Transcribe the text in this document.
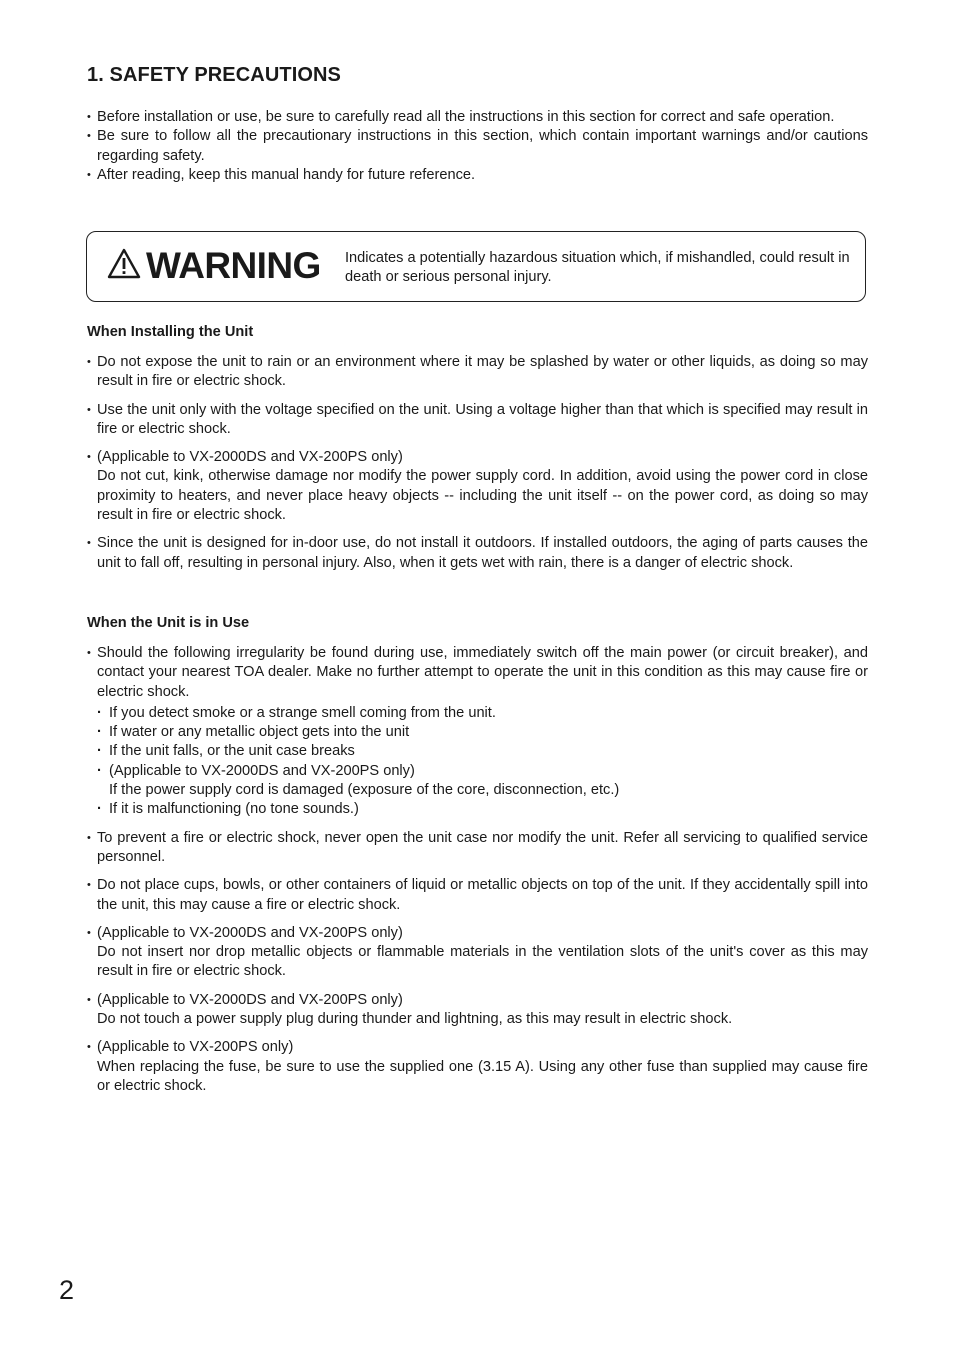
1. SAFETY PRECAUTIONS
• Before installation or use, be sure to carefully read all the instructions in this section for correct and safe operation.
• Be sure to follow all the precautionary instructions in this section, which contain important warnings and/or cautions regarding safety.
• After reading, keep this manual handy for future reference.
WARNING Indicates a potentially hazardous situation which, if mishandled, could result in death or serious personal injury.
When Installing the Unit
• Do not expose the unit to rain or an environment where it may be splashed by water or other liquids, as doing so may result in fire or electric shock.
• Use the unit only with the voltage specified on the unit. Using a voltage higher than that which is specified may result in fire or electric shock.
• (Applicable to VX-2000DS and VX-200PS only)
Do not cut, kink, otherwise damage nor modify the power supply cord. In addition, avoid using the power cord in close proximity to heaters, and never place heavy objects -- including the unit itself -- on the power cord, as doing so may result in fire or electric shock.
• Since the unit is designed for in-door use, do not install it outdoors. If installed outdoors, the aging of parts causes the unit to fall off, resulting in personal injury. Also, when it gets wet with rain, there is a danger of electric shock.
When the Unit is in Use
• Should the following irregularity be found during use, immediately switch off the main power (or circuit breaker), and contact your nearest TOA dealer. Make no further attempt to operate the unit in this condition as this may cause fire or electric shock.
· If you detect smoke or a strange smell coming from the unit.
· If water or any metallic object gets into the unit
· If the unit falls, or the unit case breaks
· (Applicable to VX-2000DS and VX-200PS only)
If the power supply cord is damaged (exposure of the core, disconnection, etc.)
· If it is malfunctioning (no tone sounds.)
• To prevent a fire or electric shock, never open the unit case nor modify the unit. Refer all servicing to qualified service personnel.
• Do not place cups, bowls, or other containers of liquid or metallic objects on top of the unit. If they accidentally spill into the unit, this may cause a fire or electric shock.
• (Applicable to VX-2000DS and VX-200PS only)
Do not insert nor drop metallic objects or flammable materials in the ventilation slots of the unit's cover as this may result in fire or electric shock.
• (Applicable to VX-2000DS and VX-200PS only)
Do not touch a power supply plug during thunder and lightning, as this may result in electric shock.
• (Applicable to VX-200PS only)
When replacing the fuse, be sure to use the supplied one (3.15 A). Using any other fuse than supplied may cause fire or electric shock.
2
